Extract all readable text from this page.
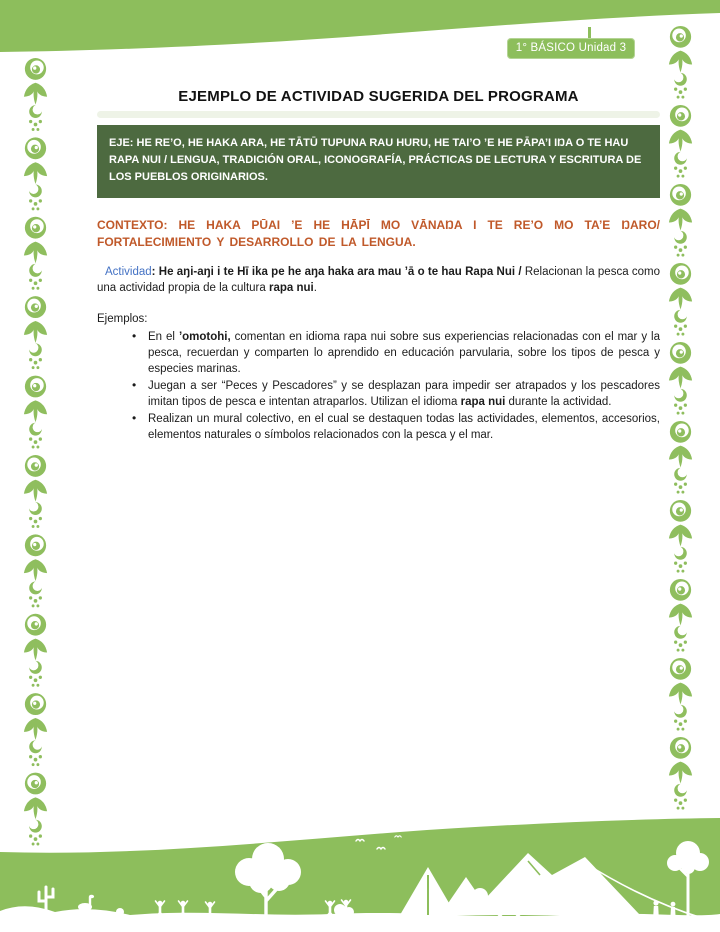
1° BÁSICO Unidad 3
EJEMPLO DE ACTIVIDAD SUGERIDA DEL PROGRAMA
EJE: HE RE’O, HE HAKA ARA, HE TĀTŪ TUPUNA RAU HURU, HE TAI’O ’E HE PĀPA’I IŊA O TE HAU RAPA NUI / LENGUA, TRADICIÓN ORAL, ICONOGRAFÍA, PRÁCTICAS DE LECTURA Y ESCRITURA DE LOS PUEBLOS ORIGINARIOS.

CONTEXTO: HE HAKA PŪAI ’E HE HĀPĪ MO VĀNAŊA I TE RE’O MO TA’E ŊARO/ FORTALECIMIENTO Y DESARROLLO DE LA LENGUA.

Actividad: He aŋi-aŋi i te Hī ika pe he aŋa haka ara mau ’ā o te hau Rapa Nui / Relacionan la pesca como una actividad propia de la cultura rapa nui.

Ejemplos:
• En el ’omotohi, comentan en idioma rapa nui sobre sus experiencias relacionadas con el mar y la pesca, recuerdan y comparten lo aprendido en educación parvularia, sobre los tipos de pesca y especies marinas.
• Juegan a ser “Peces y Pescadores” y se desplazan para impedir ser atrapados y los pescadores imitan tipos de pesca e intentan atraparlos. Utilizan el idioma rapa nui durante la actividad.
• Realizan un mural colectivo, en el cual se destaquen todas las actividades, elementos, accesorios, elementos naturales o símbolos relacionados con la pesca y el mar.
